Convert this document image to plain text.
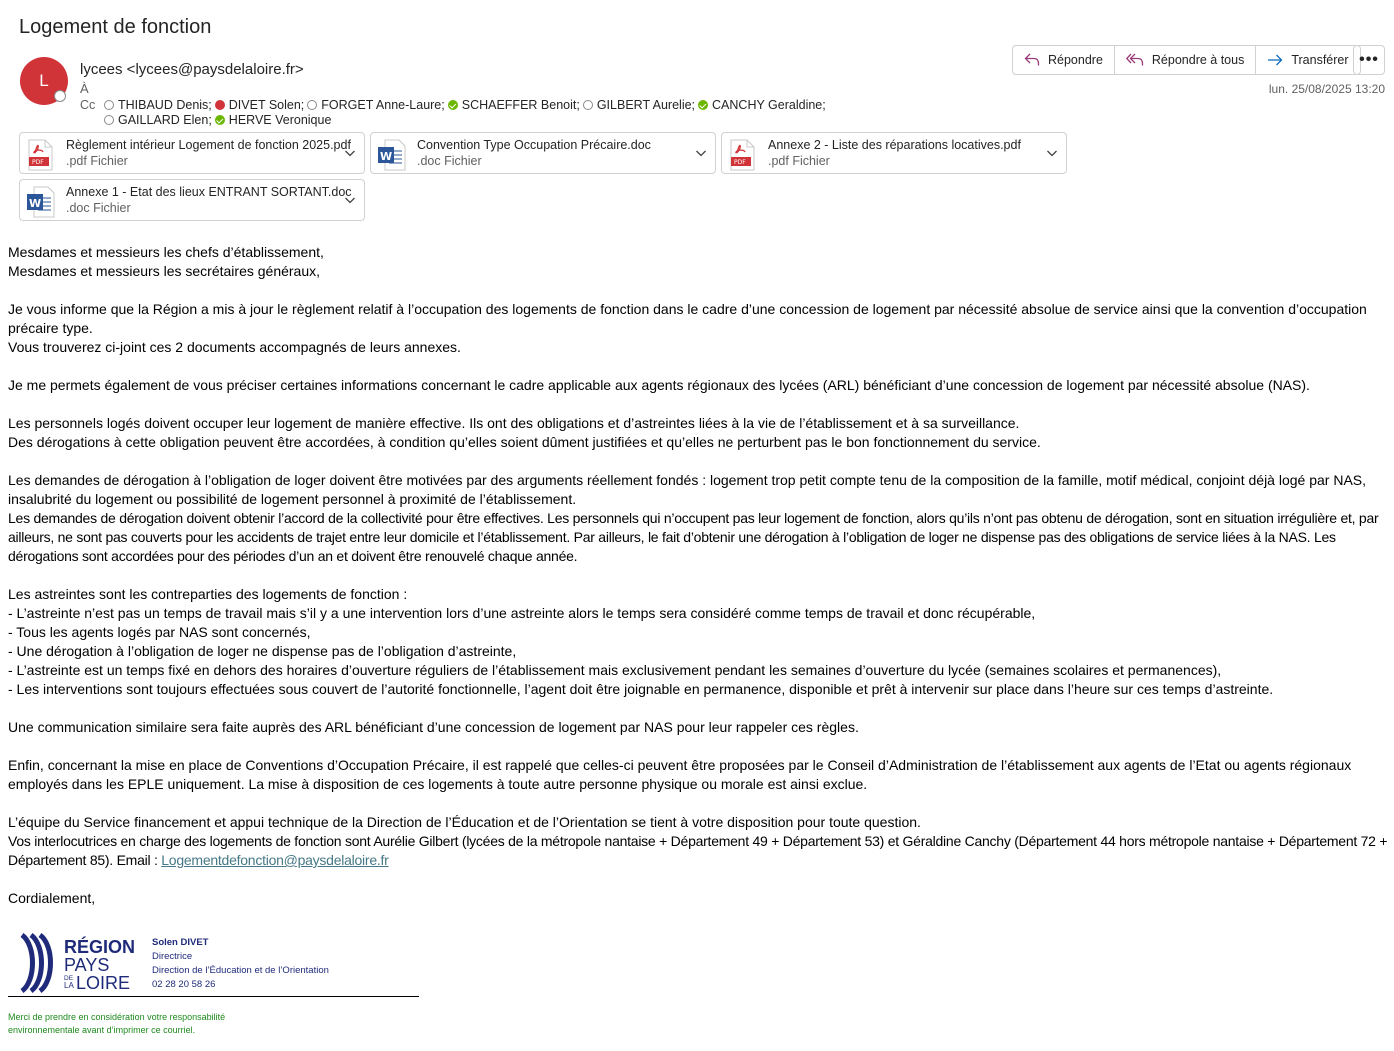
Logement de fonction
L
lycees <lycees@paysdelaloire.fr>
À
Cc THIBAUD Denis; DIVET Solen; FORGET Anne-Laure; SCHAEFFER Benoit; GILBERT Aurelie; CANCHY Geraldine;
GAILLARD Elen; HERVE Veronique
Répondre	Répondre à tous	Transférer •••
lun. 25/08/2025 13:20
PDF
Règlement intérieur Logement de fonction 2025.pdf
.pdf Fichier	W
Convention Type Occupation Précaire.doc
.doc Fichier	PDF
Annexe 2 - Liste des réparations locatives.pdf
.pdf Fichier
W
Annexe 1 - Etat des lieux ENTRANT SORTANT.doc
.doc Fichier

Mesdames et messieurs les chefs d’établissement,

Mesdames et messieurs les secrétaires généraux,

Je vous informe que la Région a mis à jour le règlement relatif à l’occupation des logements de fonction dans le cadre d’une concession de logement par nécessité absolue de service ainsi que la convention d’occupation précaire type.

Vous trouverez ci-joint ces 2 documents accompagnés de leurs annexes.

Je me permets également de vous préciser certaines informations concernant le cadre applicable aux agents régionaux des lycées (ARL) bénéficiant d’une concession de logement par nécessité absolue (NAS).

Les personnels logés doivent occuper leur logement de manière effective. Ils ont des obligations et d’astreintes liées à la vie de l’établissement et à sa surveillance.

Des dérogations à cette obligation peuvent être accordées, à condition qu’elles soient dûment justifiées et qu’elles ne perturbent pas le bon fonctionnement du service.

Les demandes de dérogation à l’obligation de loger doivent être motivées par des arguments réellement fondés : logement trop petit compte tenu de la composition de la famille, motif médical, conjoint déjà logé par NAS, insalubrité du logement ou possibilité de logement personnel à proximité de l’établissement.

Les demandes de dérogation doivent obtenir l’accord de la collectivité pour être effectives. Les personnels qui n’occupent pas leur logement de fonction, alors qu’ils n’ont pas obtenu de dérogation, sont en situation irrégulière et, par ailleurs, ne sont pas couverts pour les accidents de trajet entre leur domicile et l’établissement. Par ailleurs, le fait d’obtenir une dérogation à l’obligation de loger ne dispense pas des obligations de service liées à la NAS. Les dérogations sont accordées pour des périodes d’un an et doivent être renouvelé chaque année.

Les astreintes sont les contreparties des logements de fonction :

- L’astreinte n’est pas un temps de travail mais s’il y a une intervention lors d’une astreinte alors le temps sera considéré comme temps de travail et donc récupérable,

- Tous les agents logés par NAS sont concernés,

- Une dérogation à l’obligation de loger ne dispense pas de l’obligation d’astreinte,

- L’astreinte est un temps fixé en dehors des horaires d’ouverture réguliers de l’établissement mais exclusivement pendant les semaines d’ouverture du lycée (semaines scolaires et permanences),

- Les interventions sont toujours effectuées sous couvert de l’autorité fonctionnelle, l’agent doit être joignable en permanence, disponible et prêt à intervenir sur place dans l’heure sur ces temps d’astreinte.

Une communication similaire sera faite auprès des ARL bénéficiant d’une concession de logement par NAS pour leur rappeler ces règles.

Enfin, concernant la mise en place de Conventions d’Occupation Précaire, il est rappelé que celles-ci peuvent être proposées par le Conseil d’Administration de l’établissement aux agents de l’Etat ou agents régionaux employés dans les EPLE uniquement. La mise à disposition de ces logements à toute autre personne physique ou morale est ainsi exclue.

L’équipe du Service financement et appui technique de la Direction de l’Éducation et de l’Orientation se tient à votre disposition pour toute question.

Vos interlocutrices en charge des logements de fonction sont Aurélie Gilbert (lycées de la métropole nantaise + Département 49 + Département 53) et Géraldine Canchy (Département 44 hors métropole nantaise + Département 72 + Département 85). Email : Logementdefonction@paysdelaloire.fr

Cordialement,

RÉGION
PAYS
DE
LA LOIRE
Solen DIVET
Directrice
Direction de l’Éducation et de l’Orientation
02 28 20 58 26
Merci de prendre en considération votre responsabilité
environnementale avant d’imprimer ce courriel.
